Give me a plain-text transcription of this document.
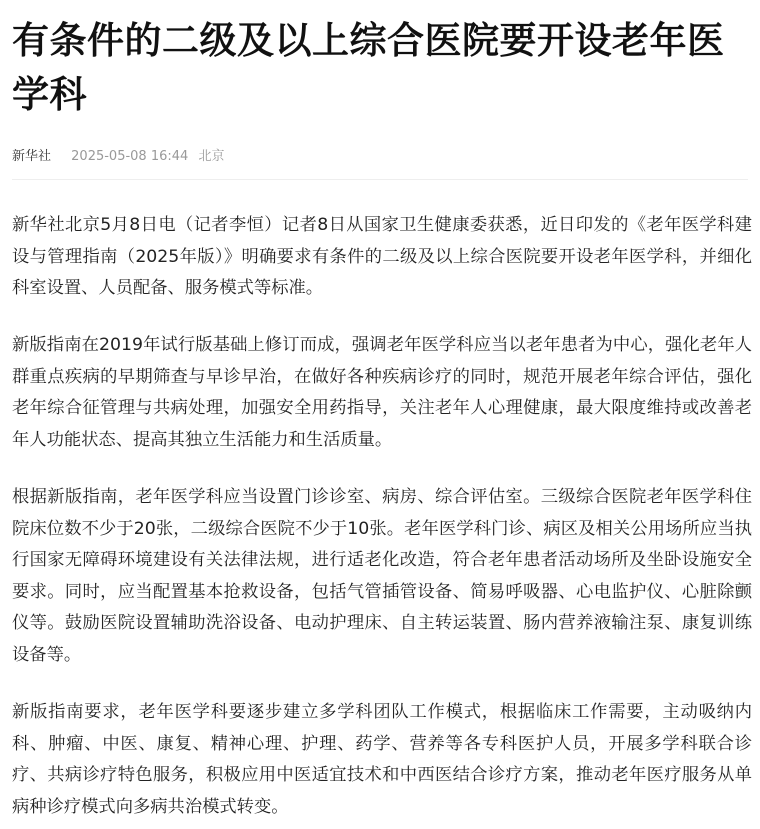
有条件的二级及以上综合医院要开设老年医学科
新华社 2025-05-08 16:44 北京

新华社北京5月8日电（记者李恒）记者8日从国家卫生健康委获悉，近日印发的《老年医学科建设与管理指南（2025年版）》明确要求有条件的二级及以上综合医院要开设老年医学科，并细化科室设置、人员配备、服务模式等标准。

新版指南在2019年试行版基础上修订而成，强调老年医学科应当以老年患者为中心，强化老年人群重点疾病的早期筛查与早诊早治，在做好各种疾病诊疗的同时，规范开展老年综合评估，强化老年综合征管理与共病处理，加强安全用药指导，关注老年人心理健康，最大限度维持或改善老年人功能状态、提高其独立生活能力和生活质量。

根据新版指南，老年医学科应当设置门诊诊室、病房、综合评估室。三级综合医院老年医学科住院床位数不少于20张，二级综合医院不少于10张。老年医学科门诊、病区及相关公用场所应当执行国家无障碍环境建设有关法律法规，进行适老化改造，符合老年患者活动场所及坐卧设施安全要求。同时，应当配置基本抢救设备，包括气管插管设备、简易呼吸器、心电监护仪、心脏除颤仪等。鼓励医院设置辅助洗浴设备、电动护理床、自主转运装置、肠内营养液输注泵、康复训练设备等。

新版指南要求，老年医学科要逐步建立多学科团队工作模式，根据临床工作需要，主动吸纳内科、肿瘤、中医、康复、精神心理、护理、药学、营养等各专科医护人员，开展多学科联合诊疗、共病诊疗特色服务，积极应用中医适宜技术和中西医结合诊疗方案，推动老年医疗服务从单病种诊疗模式向多病共治模式转变。
